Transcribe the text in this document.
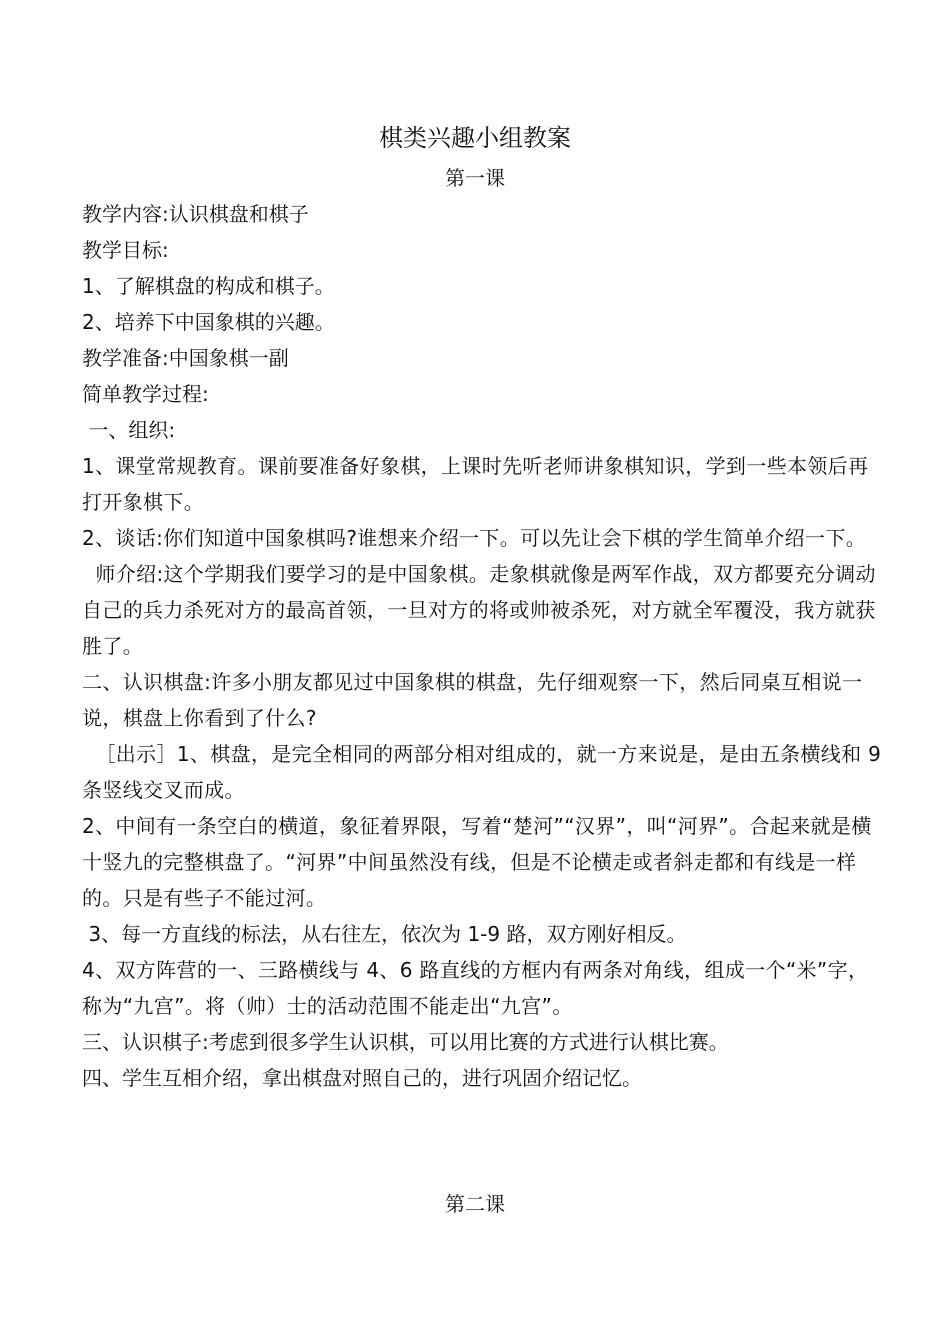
棋类兴趣小组教案
第一课
教学内容:认识棋盘和棋子
教学目标:
1、了解棋盘的构成和棋子。
2、培养下中国象棋的兴趣。
教学准备:中国象棋一副
简单教学过程:
一、组织:
1、课堂常规教育。课前要准备好象棋，上课时先听老师讲象棋知识，学到一些本领后再打开象棋下。
2、谈话:你们知道中国象棋吗?谁想来介绍一下。可以先让会下棋的学生简单介绍一下。
师介绍:这个学期我们要学习的是中国象棋。走象棋就像是两军作战，双方都要充分调动自己的兵力杀死对方的最高首领，一旦对方的将或帅被杀死，对方就全军覆没，我方就获胜了。
二、认识棋盘:许多小朋友都见过中国象棋的棋盘，先仔细观察一下，然后同桌互相说一说，棋盘上你看到了什么?
［出示］1、棋盘，是完全相同的两部分相对组成的，就一方来说是，是由五条横线和 9 条竖线交叉而成。
2、中间有一条空白的横道，象征着界限，写着“楚河”“汉界”，叫“河界”。合起来就是横十竖九的完整棋盘了。“河界”中间虽然没有线，但是不论横走或者斜走都和有线是一样的。只是有些子不能过河。
3、每一方直线的标法，从右往左，依次为 1-9 路，双方刚好相反。
4、双方阵营的一、三路横线与 4、6 路直线的方框内有两条对角线，组成一个“米”字，称为“九宫”。将（帅）士的活动范围不能走出“九宫”。
三、认识棋子:考虑到很多学生认识棋，可以用比赛的方式进行认棋比赛。
四、学生互相介绍，拿出棋盘对照自己的，进行巩固介绍记忆。
第二课
